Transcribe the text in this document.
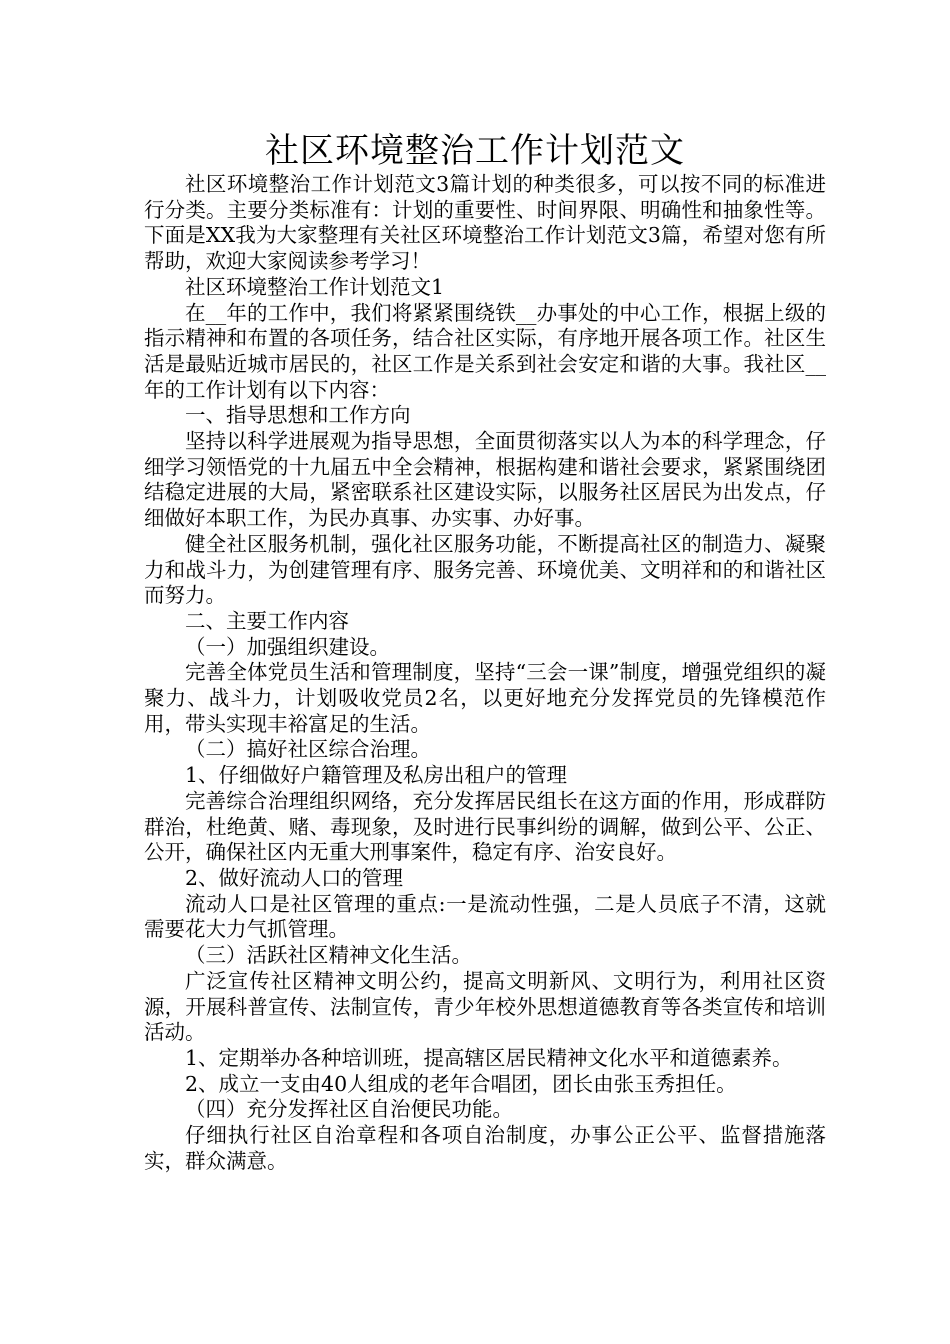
社区环境整治工作计划范文

社区环境整治工作计划范文3篇计划的种类很多，可以按不同的标准进行分类。主要分类标准有：计划的重要性、时间界限、明确性和抽象性等。下面是XX我为大家整理有关社区环境整治工作计划范文3篇，希望对您有所帮助，欢迎大家阅读参考学习！

社区环境整治工作计划范文1

在__年的工作中，我们将紧紧围绕铁__办事处的中心工作，根据上级的指示精神和布置的各项任务，结合社区实际，有序地开展各项工作。社区生活是最贴近城市居民的，社区工作是关系到社会安定和谐的大事。我社区__年的工作计划有以下内容：

一、指导思想和工作方向

坚持以科学进展观为指导思想，全面贯彻落实以人为本的科学理念，仔细学习领悟党的十九届五中全会精神，根据构建和谐社会要求，紧紧围绕团结稳定进展的大局，紧密联系社区建设实际，以服务社区居民为出发点，仔细做好本职工作，为民办真事、办实事、办好事。

健全社区服务机制，强化社区服务功能，不断提高社区的制造力、凝聚力和战斗力，为创建管理有序、服务完善、环境优美、文明祥和的和谐社区而努力。

二、主要工作内容

（一）加强组织建设。

完善全体党员生活和管理制度，坚持“三会一课”制度，增强党组织的凝聚力、战斗力，计划吸收党员2名，以更好地充分发挥党员的先锋模范作用，带头实现丰裕富足的生活。

（二）搞好社区综合治理。

1、仔细做好户籍管理及私房出租户的管理

完善综合治理组织网络，充分发挥居民组长在这方面的作用，形成群防群治，杜绝黄、赌、毒现象，及时进行民事纠纷的调解，做到公平、公正、公开，确保社区内无重大刑事案件，稳定有序、治安良好。

2、做好流动人口的管理

流动人口是社区管理的重点:一是流动性强，二是人员底子不清，这就需要花大力气抓管理。

（三）活跃社区精神文化生活。

广泛宣传社区精神文明公约，提高文明新风、文明行为，利用社区资源，开展科普宣传、法制宣传，青少年校外思想道德教育等各类宣传和培训活动。

1、定期举办各种培训班，提高辖区居民精神文化水平和道德素养。

2、成立一支由40人组成的老年合唱团，团长由张玉秀担任。

（四）充分发挥社区自治便民功能。

仔细执行社区自治章程和各项自治制度，办事公正公平、监督措施落实，群众满意。
